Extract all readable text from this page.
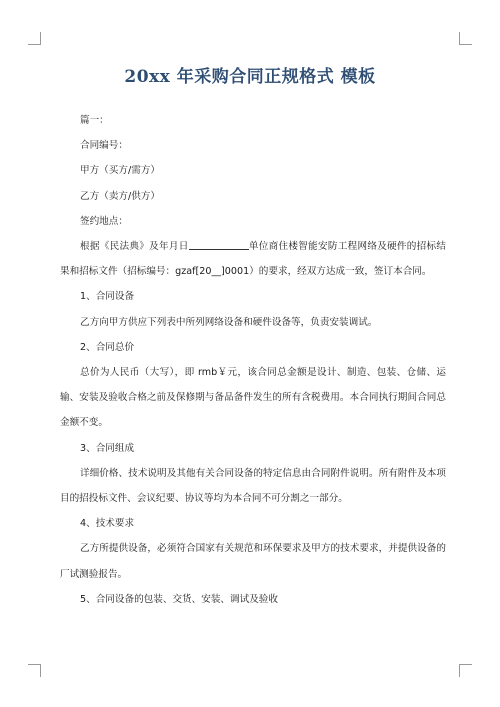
20xx 年采购合同正规格式 模板
篇一：
合同编号：
甲方（买方/需方）
乙方（卖方/供方）
签约地点：
根据《民法典》及年月日	单位商住楼智能安防工程网络及硬件的招标结果和招标文件（招标编号：gzaf[20__]0001）的要求，经双方达成一致，签订本合同。
1、合同设备
乙方向甲方供应下列表中所列网络设备和硬件设备等，负责安装调试。
2、合同总价
总价为人民币（大写），即 rmb￥元，该合同总金额是设计、制造、包装、仓储、运输、安装及验收合格之前及保修期与备品备件发生的所有含税费用。本合同执行期间合同总金额不变。
3、合同组成
详细价格、技术说明及其他有关合同设备的特定信息由合同附件说明。所有附件及本项目的招投标文件、会议纪要、协议等均为本合同不可分割之一部分。
4、技术要求
乙方所提供设备，必须符合国家有关规范和环保要求及甲方的技术要求，并提供设备的厂试测验报告。
5、合同设备的包装、交货、安装、调试及验收
